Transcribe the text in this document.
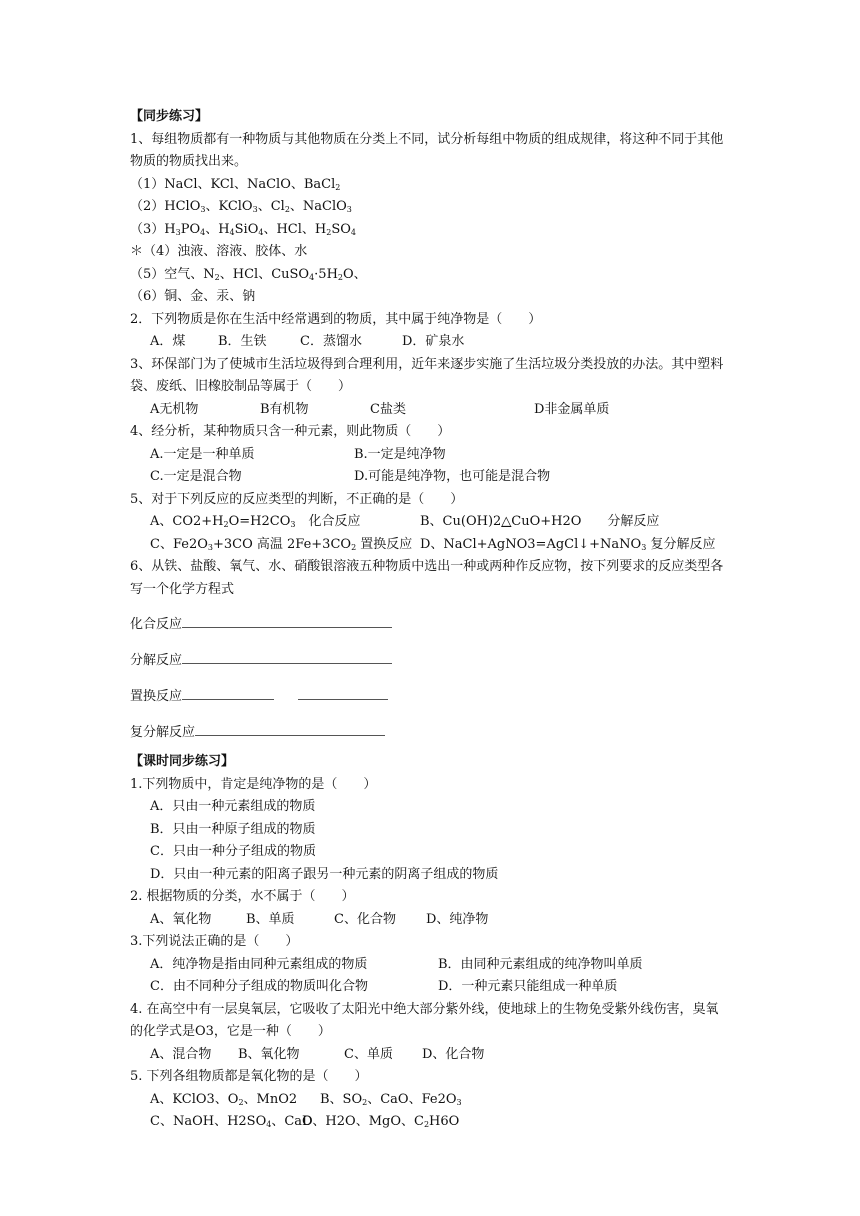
【同步练习】
1、每组物质都有一种物质与其他物质在分类上不同，试分析每组中物质的组成规律，将这种不同于其他物质的物质找出来。
（1）NaCl、KCl、NaClO、BaCl$_2$
（2）HClO$_3$、KClO$_3$、$Cl_2$、NaClO$_3$
$(3)H_3PO_4$、$H_4SiO_4$、HCl、$H_2SO_4$
＊（4）浊液、溶液、胶体、水
（5）空气、$N_2$、HCl、$CuSO_4\cdot 5H_2O$、
（6）铜、金、汞、钠
2．下列物质是你在生活中经常遇到的物质，其中属于纯净物是（　　）
A．煤	B．生铁	C．蒸馏水	D．矿泉水
3、环保部门为了使城市生活垃圾得到合理利用，近年来逐步实施了生活垃圾分类投放的办法。其中塑料袋、废纸、旧橡胶制品等属于（　　）
A无机物	B有机物	C盐类	D非金属单质
4、经分析，某种物质只含一种元素，则此物质（　　）
A.一定是一种单质	B.一定是纯净物
C.一定是混合物	D.可能是纯净物，也可能是混合物
5、对于下列反应的反应类型的判断，不正确的是（　　）
A、$CO2+H_2O=H2CO_3$　化合反应	B、Cu(OH)2△CuO+H2O　　分解反应
C、$Fe2O_3+3CO$ 高温 $2Fe+3CO_2$ 置换反应 D、NaCl+AgNO3=AgCl↓+NaNO$_3$ 复分解反应
6、从铁、盐酸、氧气、水、硝酸银溶液五种物质中选出一种或两种作反应物，按下列要求的反应类型各写一个化学方程式
化合反应
分解反应
置换反应
复分解反应
【课时同步练习】
1.下列物质中，肯定是纯净物的是（　　）
A．只由一种元素组成的物质
B．只由一种原子组成的物质
C．只由一种分子组成的物质
D．只由一种元素的阳离子跟另一种元素的阴离子组成的物质
2. 根据物质的分类，水不属于（　　）
A、氧化物	B、单质	C、化合物	D、纯净物
3.下列说法正确的是（　　）
A．纯净物是指由同种元素组成的物质	B．由同种元素组成的纯净物叫单质
C．由不同种分子组成的物质叫化合物	D．一种元素只能组成一种单质
4. 在高空中有一层臭氧层，它吸收了太阳光中绝大部分紫外线，使地球上的生物免受紫外线伤害，臭氧的化学式是O3，它是一种（　　）
A、混合物	B、氧化物	C、单质	D、化合物
5. 下列各组物质都是氧化物的是（　　）
A、KClO3、$O_2$、MnO2	B、$SO_2$、CaO、$Fe2O_3$
C、NaOH、$H2SO_4$、CaO
D、H2O、MgO、$C_2H6O$
